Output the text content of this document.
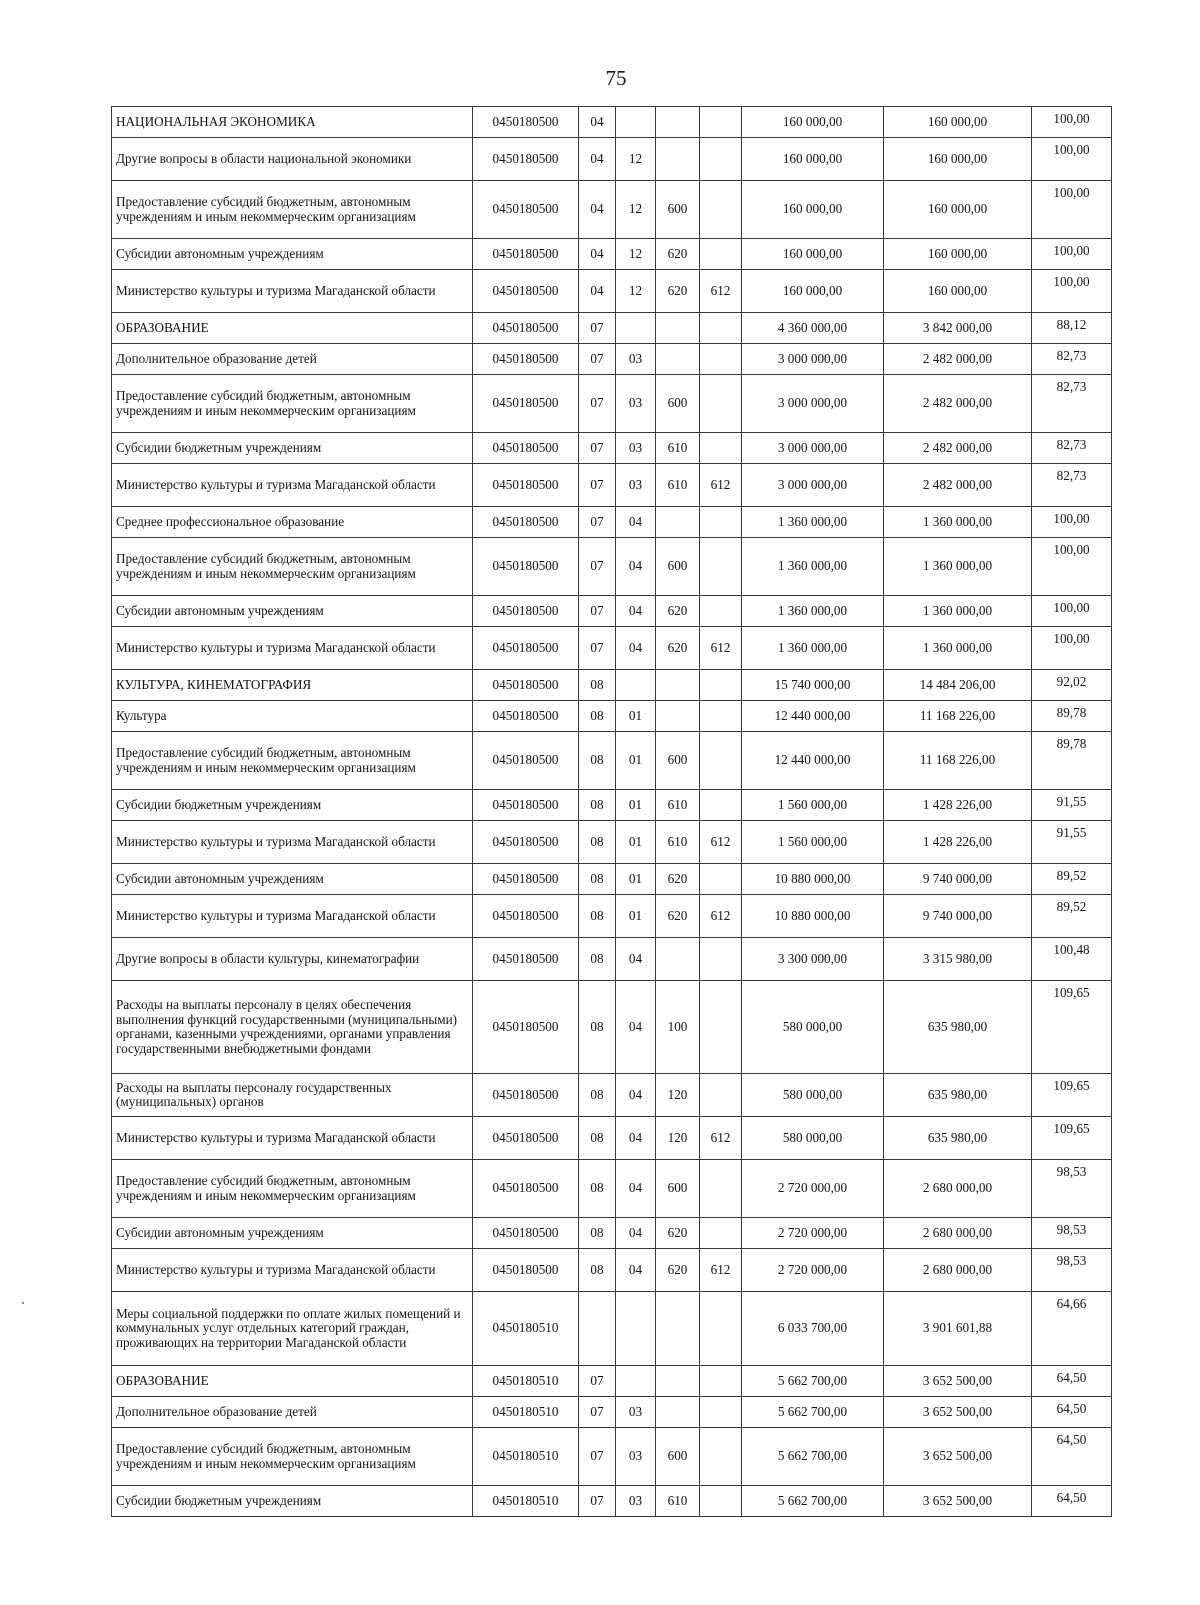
75
НАЦИОНАЛЬНАЯ ЭКОНОМИКА	0450180500	04				160 000,00	160 000,00	100,00
Другие вопросы в области национальной экономики	0450180500	04	12			160 000,00	160 000,00	100,00
Предоставление субсидий бюджетным, автономным учреждениям и иным некоммерческим организациям	0450180500	04	12	600		160 000,00	160 000,00	100,00
Субсидии автономным учреждениям	0450180500	04	12	620		160 000,00	160 000,00	100,00
Министерство культуры и туризма Магаданской области	0450180500	04	12	620	612	160 000,00	160 000,00	100,00
ОБРАЗОВАНИЕ	0450180500	07				4 360 000,00	3 842 000,00	88,12
Дополнительное образование детей	0450180500	07	03			3 000 000,00	2 482 000,00	82,73
Предоставление субсидий бюджетным, автономным учреждениям и иным некоммерческим организациям	0450180500	07	03	600		3 000 000,00	2 482 000,00	82,73
Субсидии бюджетным учреждениям	0450180500	07	03	610		3 000 000,00	2 482 000,00	82,73
Министерство культуры и туризма Магаданской области	0450180500	07	03	610	612	3 000 000,00	2 482 000,00	82,73
Среднее профессиональное образование	0450180500	07	04			1 360 000,00	1 360 000,00	100,00
Предоставление субсидий бюджетным, автономным учреждениям и иным некоммерческим организациям	0450180500	07	04	600		1 360 000,00	1 360 000,00	100,00
Субсидии автономным учреждениям	0450180500	07	04	620		1 360 000,00	1 360 000,00	100,00
Министерство культуры и туризма Магаданской области	0450180500	07	04	620	612	1 360 000,00	1 360 000,00	100,00
КУЛЬТУРА, КИНЕМАТОГРАФИЯ	0450180500	08				15 740 000,00	14 484 206,00	92,02
Культура	0450180500	08	01			12 440 000,00	11 168 226,00	89,78
Предоставление субсидий бюджетным, автономным учреждениям и иным некоммерческим организациям	0450180500	08	01	600		12 440 000,00	11 168 226,00	89,78
Субсидии бюджетным учреждениям	0450180500	08	01	610		1 560 000,00	1 428 226,00	91,55
Министерство культуры и туризма Магаданской области	0450180500	08	01	610	612	1 560 000,00	1 428 226,00	91,55
Субсидии автономным учреждениям	0450180500	08	01	620		10 880 000,00	9 740 000,00	89,52
Министерство культуры и туризма Магаданской области	0450180500	08	01	620	612	10 880 000,00	9 740 000,00	89,52
Другие вопросы в области культуры, кинематографии	0450180500	08	04			3 300 000,00	3 315 980,00	100,48
Расходы на выплаты персоналу в целях обеспечения выполнения функций государственными (муниципальными) органами, казенными учреждениями, органами управления государственными внебюджетными фондами	0450180500	08	04	100		580 000,00	635 980,00	109,65
Расходы на выплаты персоналу государственных (муниципальных) органов	0450180500	08	04	120		580 000,00	635 980,00	109,65
Министерство культуры и туризма Магаданской области	0450180500	08	04	120	612	580 000,00	635 980,00	109,65
Предоставление субсидий бюджетным, автономным учреждениям и иным некоммерческим организациям	0450180500	08	04	600		2 720 000,00	2 680 000,00	98,53
Субсидии автономным учреждениям	0450180500	08	04	620		2 720 000,00	2 680 000,00	98,53
Министерство культуры и туризма Магаданской области	0450180500	08	04	620	612	2 720 000,00	2 680 000,00	98,53
Меры социальной поддержки по оплате жилых помещений и коммунальных услуг отдельных категорий граждан, проживающих на территории Магаданской области	0450180510					6 033 700,00	3 901 601,88	64,66
ОБРАЗОВАНИЕ	0450180510	07				5 662 700,00	3 652 500,00	64,50
Дополнительное образование детей	0450180510	07	03			5 662 700,00	3 652 500,00	64,50
Предоставление субсидий бюджетным, автономным учреждениям и иным некоммерческим организациям	0450180510	07	03	600		5 662 700,00	3 652 500,00	64,50
Субсидии бюджетным учреждениям	0450180510	07	03	610		5 662 700,00	3 652 500,00	64,50
